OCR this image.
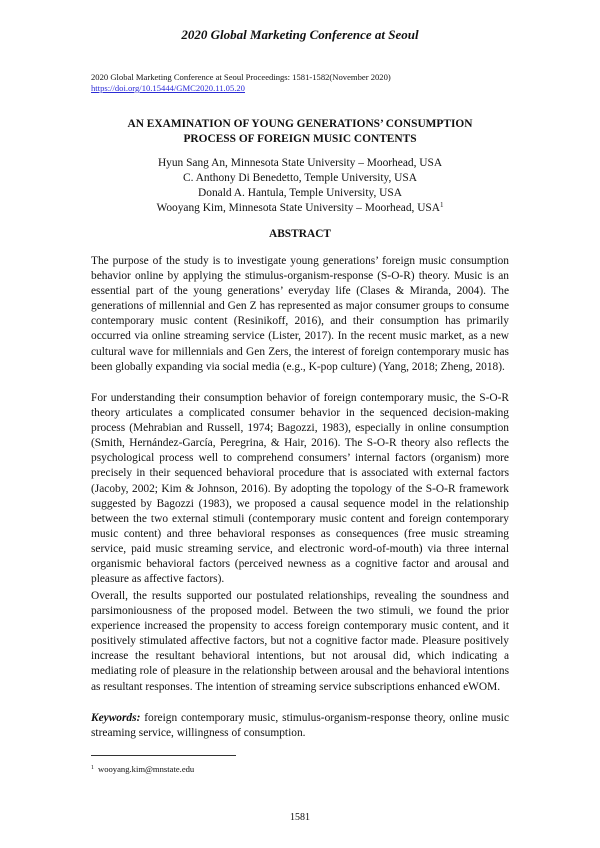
2020 Global Marketing Conference at Seoul
2020 Global Marketing Conference at Seoul Proceedings: 1581-1582(November 2020)
https://doi.org/10.15444/GMC2020.11.05.20
AN EXAMINATION OF YOUNG GENERATIONS’ CONSUMPTION
PROCESS OF FOREIGN MUSIC CONTENTS
Hyun Sang An, Minnesota State University – Moorhead, USA
C. Anthony Di Benedetto, Temple University, USA
Donald A. Hantula, Temple University, USA
Wooyang Kim, Minnesota State University – Moorhead, USA$^1$
ABSTRACT

The purpose of the study is to investigate young generations’ foreign music consumption behavior online by applying the stimulus-organism-response (S-O-R) theory. Music is an essential part of the young generations’ everyday life (Clases & Miranda, 2004). The generations of millennial and Gen Z has represented as major consumer groups to consume contemporary music content (Resinikoff, 2016), and their consumption has primarily occurred via online streaming service (Lister, 2017). In the recent music market, as a new cultural wave for millennials and Gen Zers, the interest of foreign contemporary music has been globally expanding via social media (e.g., K-pop culture) (Yang, 2018; Zheng, 2018).

For understanding their consumption behavior of foreign contemporary music, the S-O-R theory articulates a complicated consumer behavior in the sequenced decision-making process (Mehrabian and Russell, 1974; Bagozzi, 1983), especially in online consumption (Smith, Hernández-García, Peregrina, & Hair, 2016). The S-O-R theory also reflects the psychological process well to comprehend consumers’ internal factors (organism) more precisely in their sequenced behavioral procedure that is associated with external factors (Jacoby, 2002; Kim & Johnson, 2016). By adopting the topology of the S-O-R framework suggested by Bagozzi (1983), we proposed a causal sequence model in the relationship between the two external stimuli (contemporary music content and foreign contemporary music content) and three behavioral responses as consequences (free music streaming service, paid music streaming service, and electronic word-of-mouth) via three internal organismic behavioral factors (perceived newness as a cognitive factor and arousal and pleasure as affective factors).

Overall, the results supported our postulated relationships, revealing the soundness and parsimoniousness of the proposed model. Between the two stimuli, we found the prior experience increased the propensity to access foreign contemporary music content, and it positively stimulated affective factors, but not a cognitive factor made. Pleasure positively increase the resultant behavioral intentions, but not arousal did, which indicating a mediating role of pleasure in the relationship between arousal and the behavioral intentions as resultant responses. The intention of streaming service subscriptions enhanced eWOM.

Keywords: foreign contemporary music, stimulus-organism-response theory, online music streaming service, willingness of consumption.

$^1$ wooyang.kim@mnstate.edu
1581
